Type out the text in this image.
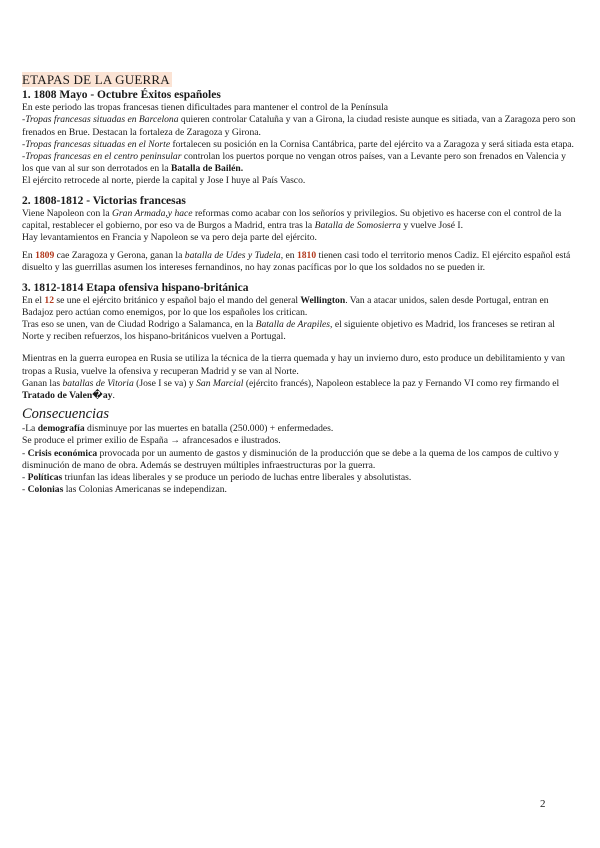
ETAPAS DE LA GUERRA
1. 1808 Mayo - Octubre Éxitos españoles

En este periodo las tropas francesas tienen dificultades para mantener el control de la Península

-Tropas francesas situadas en Barcelona quieren controlar Cataluña y van a Girona, la ciudad resiste aunque es sitiada, van a Zaragoza pero son frenados en Brue. Destacan la fortaleza de Zaragoza y Girona.

-Tropas francesas situadas en el Norte fortalecen su posición en la Cornisa Cantábrica, parte del ejército va a Zaragoza y será sitiada esta etapa.

-Tropas francesas en el centro peninsular controlan los puertos porque no vengan otros países, van a Levante pero son frenados en Valencia y los que van al sur son derrotados en la Batalla de Bailén.

El ejército retrocede al norte, pierde la capital y Jose I huye al País Vasco.

2. 1808-1812 - Victorias francesas

Viene Napoleon con la Gran Armada,y hace reformas como acabar con los señoríos y privilegios. Su objetivo es hacerse con el control de la capital, restablecer el gobierno, por eso va de Burgos a Madrid, entra tras la Batalla de Somosierra y vuelve José I.

Hay levantamientos en Francia y Napoleon se va pero deja parte del ejército.

En 1809 cae Zaragoza y Gerona, ganan la batalla de Udes y Tudela, en 1810 tienen casi todo el territorio menos Cadiz. El ejército español está disuelto y las guerrillas asumen los intereses fernandinos, no hay zonas pacíficas por lo que los soldados no se pueden ir.

3. 1812-1814 Etapa ofensiva hispano-británica

En el 12 se une el ejército británico y español bajo el mando del general Wellington. Van a atacar unidos, salen desde Portugal, entran en Badajoz pero actúan como enemigos, por lo que los españoles los critican.

Tras eso se unen, van de Ciudad Rodrigo a Salamanca, en la Batalla de Arapiles, el siguiente objetivo es Madrid, los franceses se retiran al Norte y reciben refuerzos, los hispano-británicos vuelven a Portugal.

Mientras en la guerra europea en Rusia se utiliza la técnica de la tierra quemada y hay un invierno duro, esto produce un debilitamiento y van tropas a Rusia, vuelve la ofensiva y recuperan Madrid y se van al Norte.

Ganan las batallas de Vitoria (Jose I se va) y San Marcial (ejército francés), Napoleon establece la paz y Fernando VI como rey firmando el Tratado de Valen�ay.

Consecuencias

-La demografía disminuye por las muertes en batalla (250.000) + enfermedades.

Se produce el primer exilio de España → afrancesados e ilustrados.

- Crisis económica provocada por un aumento de gastos y disminución de la producción que se debe a la quema de los campos de cultivo y disminución de mano de obra. Además se destruyen múltiples infraestructuras por la guerra.

- Políticas triunfan las ideas liberales y se produce un periodo de luchas entre liberales y absolutistas.

- Colonias las Colonias Americanas se independizan.

2
